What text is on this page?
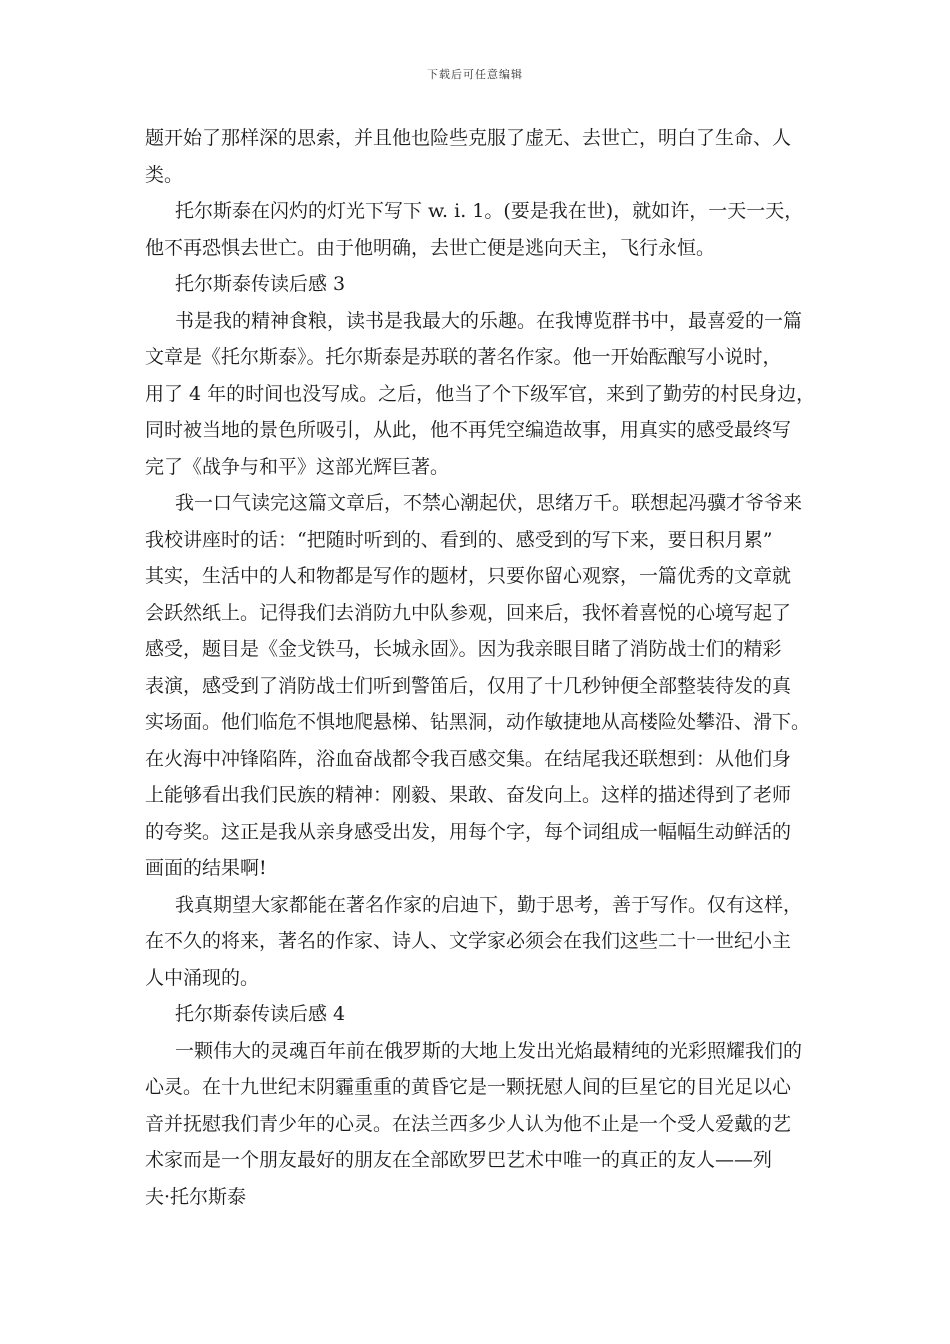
下载后可任意编辑
题开始了那样深的思索，并且他也险些克服了虚无、去世亡，明白了生命、人
类。
托尔斯泰在闪灼的灯光下写下 w. i. 1。(要是我在世)，就如许，一天一天，
他不再恐惧去世亡。由于他明确，去世亡便是逃向天主，飞行永恒。
托尔斯泰传读后感 3
书是我的精神食粮，读书是我最大的乐趣。在我博览群书中，最喜爱的一篇
文章是《托尔斯泰》。托尔斯泰是苏联的著名作家。他一开始酝酿写小说时，
用了 4 年的时间也没写成。之后，他当了个下级军官，来到了勤劳的村民身边，
同时被当地的景色所吸引，从此，他不再凭空编造故事，用真实的感受最终写
完了《战争与和平》这部光辉巨著。
我一口气读完这篇文章后，不禁心潮起伏，思绪万千。联想起冯骥才爷爷来
我校讲座时的话：“把随时听到的、看到的、感受到的写下来，要日积月累”
其实，生活中的人和物都是写作的题材，只要你留心观察，一篇优秀的文章就
会跃然纸上。记得我们去消防九中队参观，回来后，我怀着喜悦的心境写起了
感受，题目是《金戈铁马，长城永固》。因为我亲眼目睹了消防战士们的精彩
表演，感受到了消防战士们听到警笛后，仅用了十几秒钟便全部整装待发的真
实场面。他们临危不惧地爬悬梯、钻黑洞，动作敏捷地从高楼险处攀沿、滑下。
在火海中冲锋陷阵，浴血奋战都令我百感交集。在结尾我还联想到：从他们身
上能够看出我们民族的精神：刚毅、果敢、奋发向上。这样的描述得到了老师
的夸奖。这正是我从亲身感受出发，用每个字，每个词组成一幅幅生动鲜活的
画面的结果啊!
我真期望大家都能在著名作家的启迪下，勤于思考，善于写作。仅有这样，
在不久的将来，著名的作家、诗人、文学家必须会在我们这些二十一世纪小主
人中涌现的。
托尔斯泰传读后感 4
一颗伟大的灵魂百年前在俄罗斯的大地上发出光焰最精纯的光彩照耀我们的
心灵。在十九世纪末阴霾重重的黄昏它是一颗抚慰人间的巨星它的目光足以心
音并抚慰我们青少年的心灵。在法兰西多少人认为他不止是一个受人爱戴的艺
术家而是一个朋友最好的朋友在全部欧罗巴艺术中唯一的真正的友人——列
夫·托尔斯泰
